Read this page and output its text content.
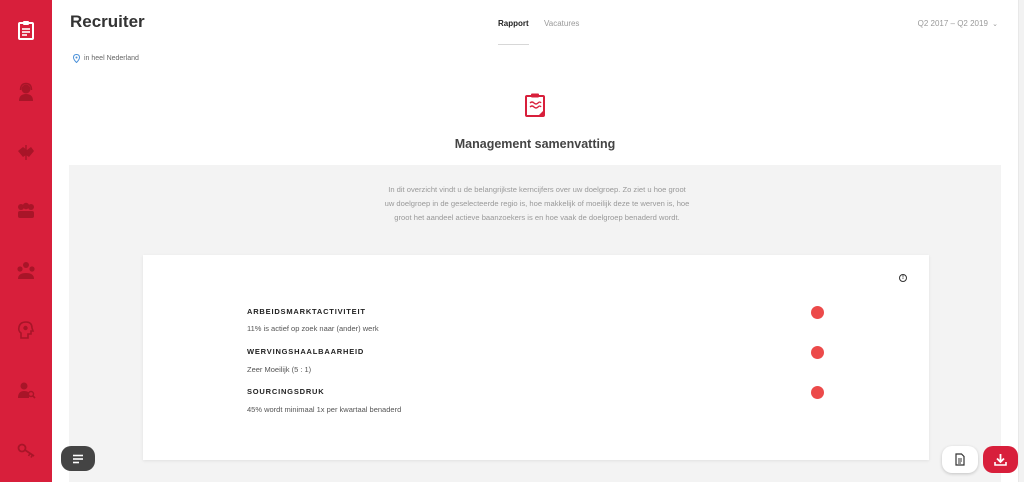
Recruiter	Rapport Vacatures	Q2 2017 – Q2 2019 ⌄
in heel Nederland
Management samenvatting
In dit overzicht vindt u de belangrijkste kerncijfers over uw doelgroep. Zo ziet u hoe groot uw doelgroep in de geselecteerde regio is, hoe makkelijk of moeilijk deze te werven is, hoe groot het aandeel actieve baanzoekers is en hoe vaak de doelgroep benaderd wordt.
!
ARBEIDSMARKTACTIVITEIT
11% is actief op zoek naar (ander) werk
WERVINGSHAALBAARHEID
Zeer Moeilijk (5 : 1)
SOURCINGSDRUK
45% wordt minimaal 1x per kwartaal benaderd
